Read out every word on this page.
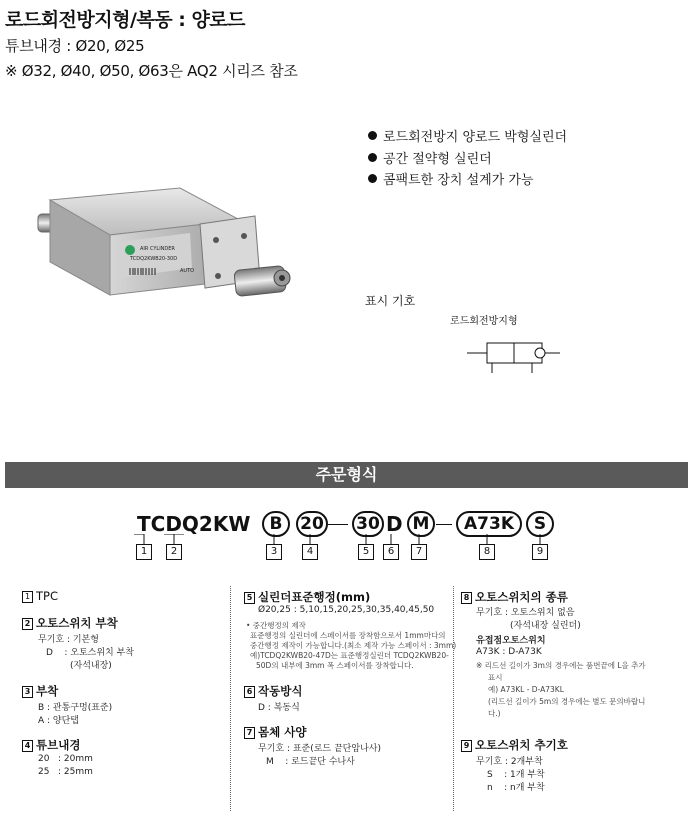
로드회전방지형/복동 : 양로드
튜브내경 : Ø20, Ø25
※ Ø32, Ø40, Ø50, Ø63은 AQ2 시리즈 참조
AIR CYLINDER
TCDQ2KWB20-30D
AUTO
로드회전방지 양로드 박형실린더
공간 절약형 실린더
콤팩트한 장치 설계가 가능
표시 기호
로드회전방지형
주문형식
TCDQ2KW	B	20 30 D M	A73K	S
1	2	3	4	5	6	7	8	9
1 TPC
2 오토스위치 부착
무기호 : 기본형
D    : 오토스위치 부착
(자석내장)
3 부착
B : 관통구멍(표준)
A : 양단탭
4 튜브내경
20   : 20mm
25   : 25mm
5 실린더표준행정(mm)
Ø20,25 : 5,10,15,20,25,30,35,40,45,50
• 중간행정의 제작
표준행정의 실린더에 스페이서를 장착함으로서 1mm마다의
중간행정 제작이 가능합니다.(최소 제작 가능 스페이서 : 3mm)
예)TCDQ2KWB20-47D는 표준행정실린더 TCDQ2KWB20-
50D의 내부에 3mm 폭 스페이서를 장착합니다.
6 작동방식
D : 복동식
7 몸체 사양
무기호 : 표준(로드 끝단암나사)
M    : 로드끝단 수나사
8 오토스위치의 종류
무기호 : 오토스위치 없음
(자석내장 실린더)
유접점오토스위치
A73K : D-A73K
※ 리드선 길이가 3m의 경우에는 품번끝에 L을 추가
표시
예) A73KL - D-A73KL
(리드선 길이가 5m의 경우에는 별도 문의바랍니
다.)
9 오토스위치 추기호
무기호 : 2개부착
S    : 1개 부착
n    : n개 부착
